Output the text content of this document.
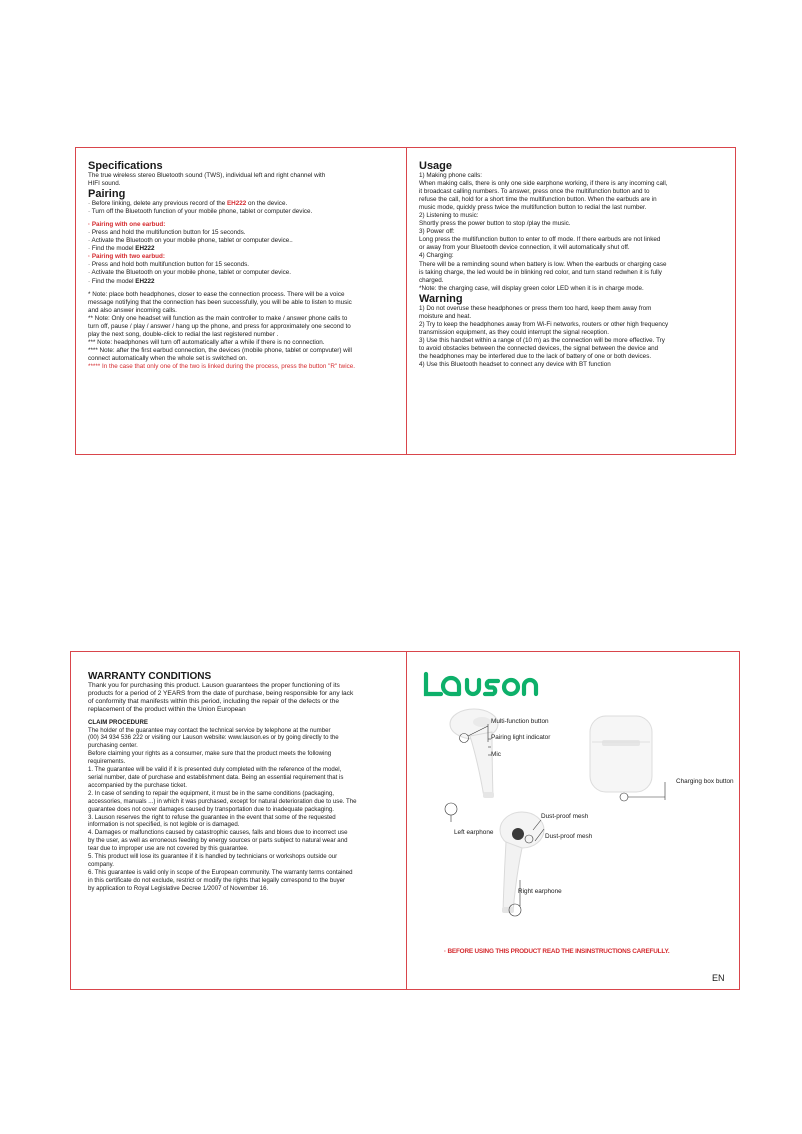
Specifications
The true wireless stereo Bluetooth sound (TWS), individual left and right channel with
HIFI sound.
Pairing
· Before linking, delete any previous record of the EH222 on the device.
· Turn off the Bluetooth function of your mobile phone, tablet or computer device.
· Pairing with one earbud:
· Press and hold the multifunction button for 15 seconds.
· Activate the Bluetooth on your mobile phone, tablet or computer device..
· Find the model EH222
· Pairing with two earbud:
· Press and hold both multifunction button for 15 seconds.
· Activate the Bluetooth on your mobile phone, tablet or computer device.
· Find the model EH222
* Note: place both headphones, closer to ease the connection process. There will be a voice
message notifying that the connection has been successfully, you will be able to listen to music
and also answer incoming calls.
** Note: Only one headset will function as the main controller to make / answer phone calls to
turn off, pause / play / answer / hang up the phone, and press for approximately one second to
play the next song, double-click to redial the last registered number .
*** Note: headphones will turn off automatically after a while if there is no connection.
**** Note: after the first earbud connection, the devices (mobile phone, tablet or compvuter) will
connect automatically when the whole set is switched on.
***** In the case that only one of the two is linked during the process, press the button "R" twice.
Usage
1) Making phone calls:
When making calls, there is only one side earphone working, if there is any incoming call,
it broadcast calling numbers. To answer, press once the multifunction button and to
refuse the call, hold for a short time the multifunction button. When the earbuds are in
music mode, quickly press twice the multifunction button to redial the last number.
2) Listening to music:
Shortly press the power button to stop /play the music.
3) Power off:
Long press the multifunction button to enter to off mode. If there earbuds are not linked
or away from your Bluetooth device connection, it will automatically shut off.
4) Charging:
There will be a reminding sound when battery is low. When the earbuds or charging case
is taking charge, the led would be in blinking red color, and turn stand redwhen it is fully
charged.
*Note: the charging case, will display green color LED when it is in charge mode.
Warning
1) Do not overuse these headphones or press them too hard, keep them away from
moisture and heat.
2) Try to keep the headphones away from Wi-Fi networks, routers or other high frequency
transmission equipment, as they could interrupt the signal reception.
3) Use this handset within a range of (10 m) as the connection will be more effective. Try
to avoid obstacles between the connected devices, the signal between the device and
the headphones may be interfered due to the lack of battery of one or both devices.
4) Use this Bluetooth headset to connect any device with BT function
WARRANTY CONDITIONS
Thank you for purchasing this product. Lauson guarantees the proper functioning of its
products for a period of 2 YEARS from the date of purchase, being responsible for any lack
of conformity that manifests within this period, including the repair of the defects or the
replacement of the product within the Union European
CLAIM PROCEDURE
The holder of the guarantee may contact the technical service by telephone at the number
(00) 34 934 536 222 or visiting our Lauson website: www.lauson.es or by going directly to the
purchasing center.
Before claiming your rights as a consumer, make sure that the product meets the following
requirements.
1. The guarantee will be valid if it is presented duly completed with the reference of the model,
serial number, date of purchase and establishment data. Being an essential requirement that is
accompanied by the purchase ticket.
2. In case of sending to repair the equipment, it must be in the same conditions (packaging,
accessories, manuals ...) in which it was purchased, except for natural deterioration due to use. The
guarantee does not cover damages caused by transportation due to inadequate packaging.
3. Lauson reserves the right to refuse the guarantee in the event that some of the requested
information is not specified, is not legible or is damaged.
4. Damages or malfunctions caused by catastrophic causes, falls and blows due to incorrect use
by the user, as well as erroneous feeding by energy sources or parts subject to natural wear and
tear due to improper use are not covered by this guarantee.
5. This product will lose its guarantee if it is handled by technicians or workshops outside our
company.
6. This guarantee is valid only in scope of the European community. The warranty terms contained
in this certificate do not exclude, restrict or modify the rights that legally correspond to the buyer
by application to Royal Legislative Decree 1/2007 of November 16.
Multi-function button
Pairing light indicator
Mic
Left earphone
Dust-proof mesh
Dust-proof mesh
Right earphone
Charging box button
· BEFORE USING THIS PRODUCT READ THE INSINSTRUCTIONS CAREFULLY.
EN
